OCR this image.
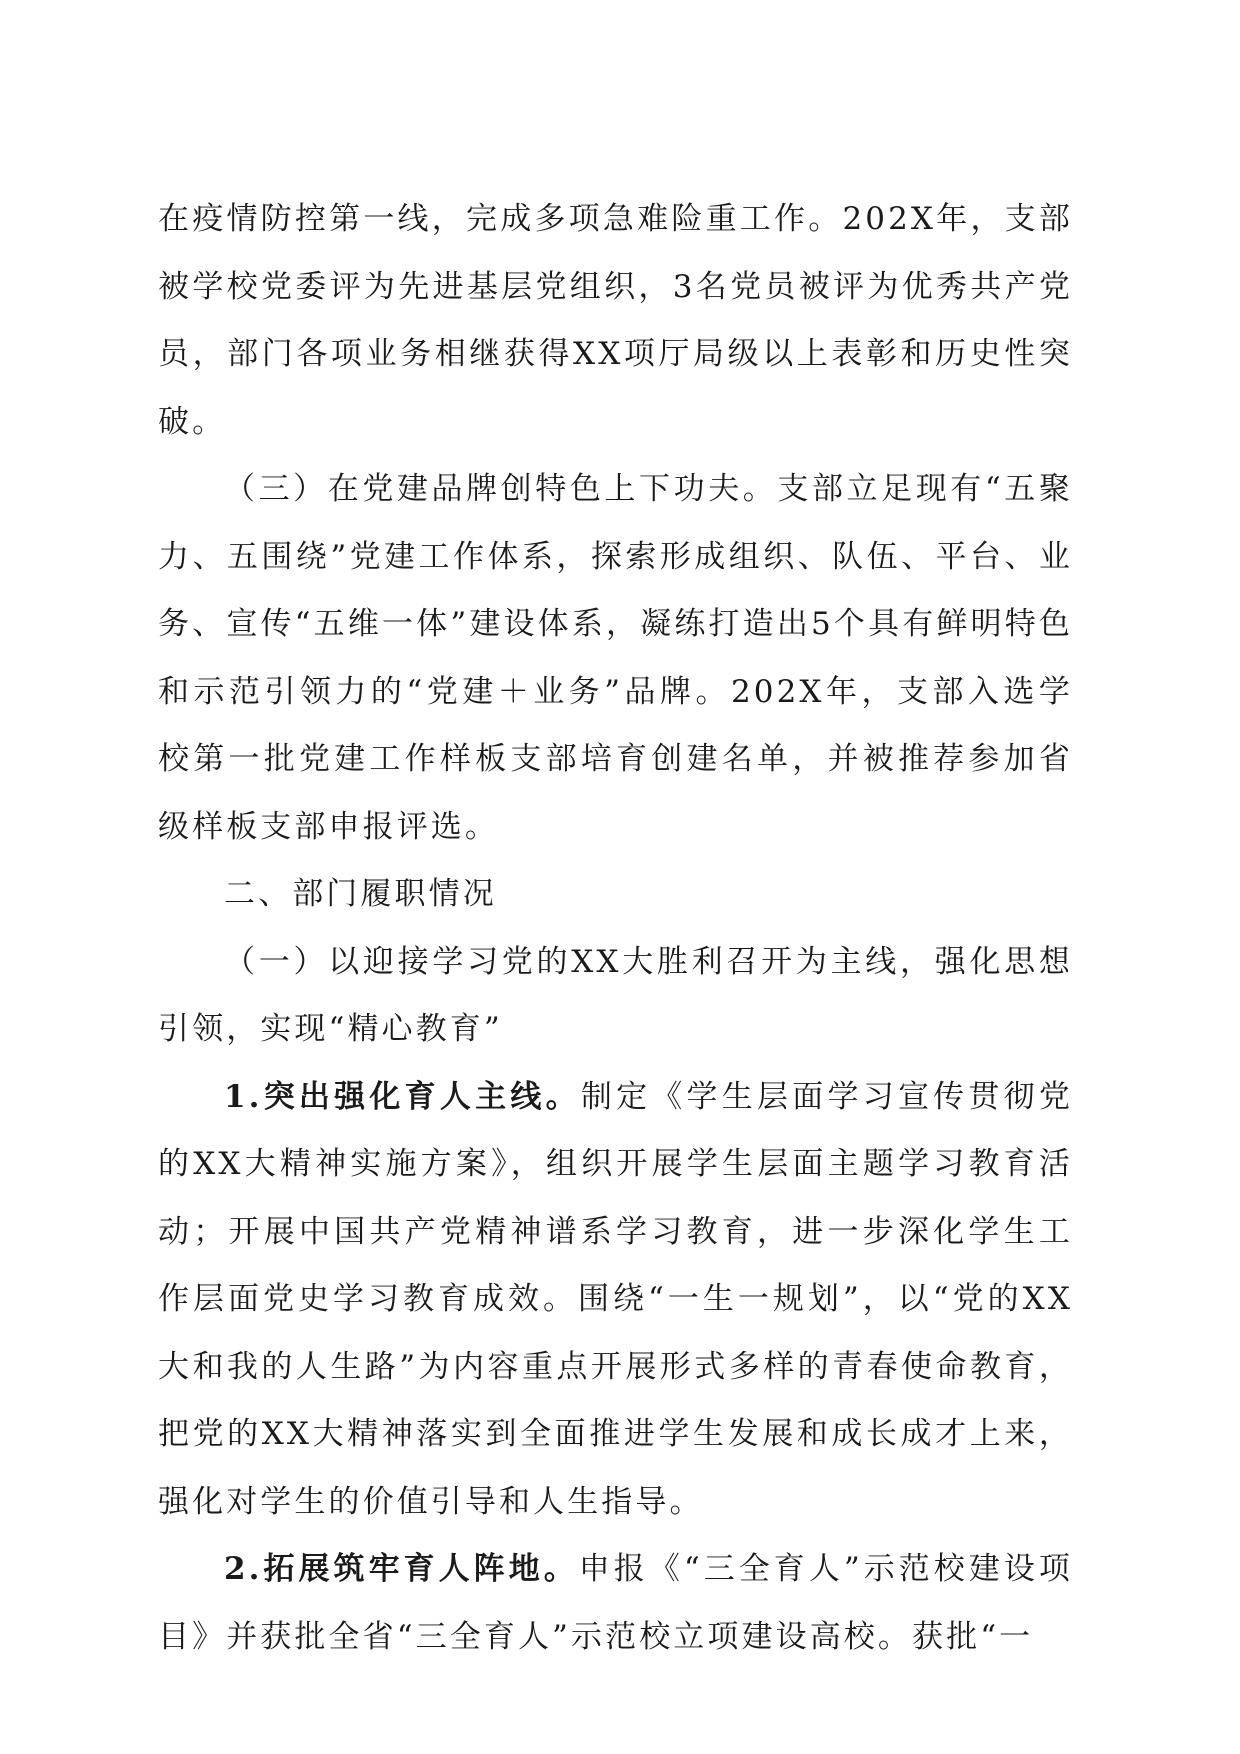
在疫情防控第一线，完成多项急难险重工作。202X年，支部被学校党委评为先进基层党组织，3名党员被评为优秀共产党员，部门各项业务相继获得XX项厅局级以上表彰和历史性突破。

（三）在党建品牌创特色上下功夫。支部立足现有“五聚力、五围绕”党建工作体系，探索形成组织、队伍、平台、业务、宣传“五维一体”建设体系，凝练打造出5个具有鲜明特色和示范引领力的“党建＋业务”品牌。202X年，支部入选学校第一批党建工作样板支部培育创建名单，并被推荐参加省级样板支部申报评选。

二、部门履职情况

（一）以迎接学习党的XX大胜利召开为主线，强化思想引领，实现“精心教育”

1.突出强化育人主线。制定《学生层面学习宣传贯彻党的XX大精神实施方案》，组织开展学生层面主题学习教育活动；开展中国共产党精神谱系学习教育，进一步深化学生工作层面党史学习教育成效。围绕“一生一规划”，以“党的XX大和我的人生路”为内容重点开展形式多样的青春使命教育，把党的XX大精神落实到全面推进学生发展和成长成才上来，强化对学生的价值引导和人生指导。

2.拓展筑牢育人阵地。申报《“三全育人”示范校建设项目》并获批全省“三全育人”示范校立项建设高校。获批“一
